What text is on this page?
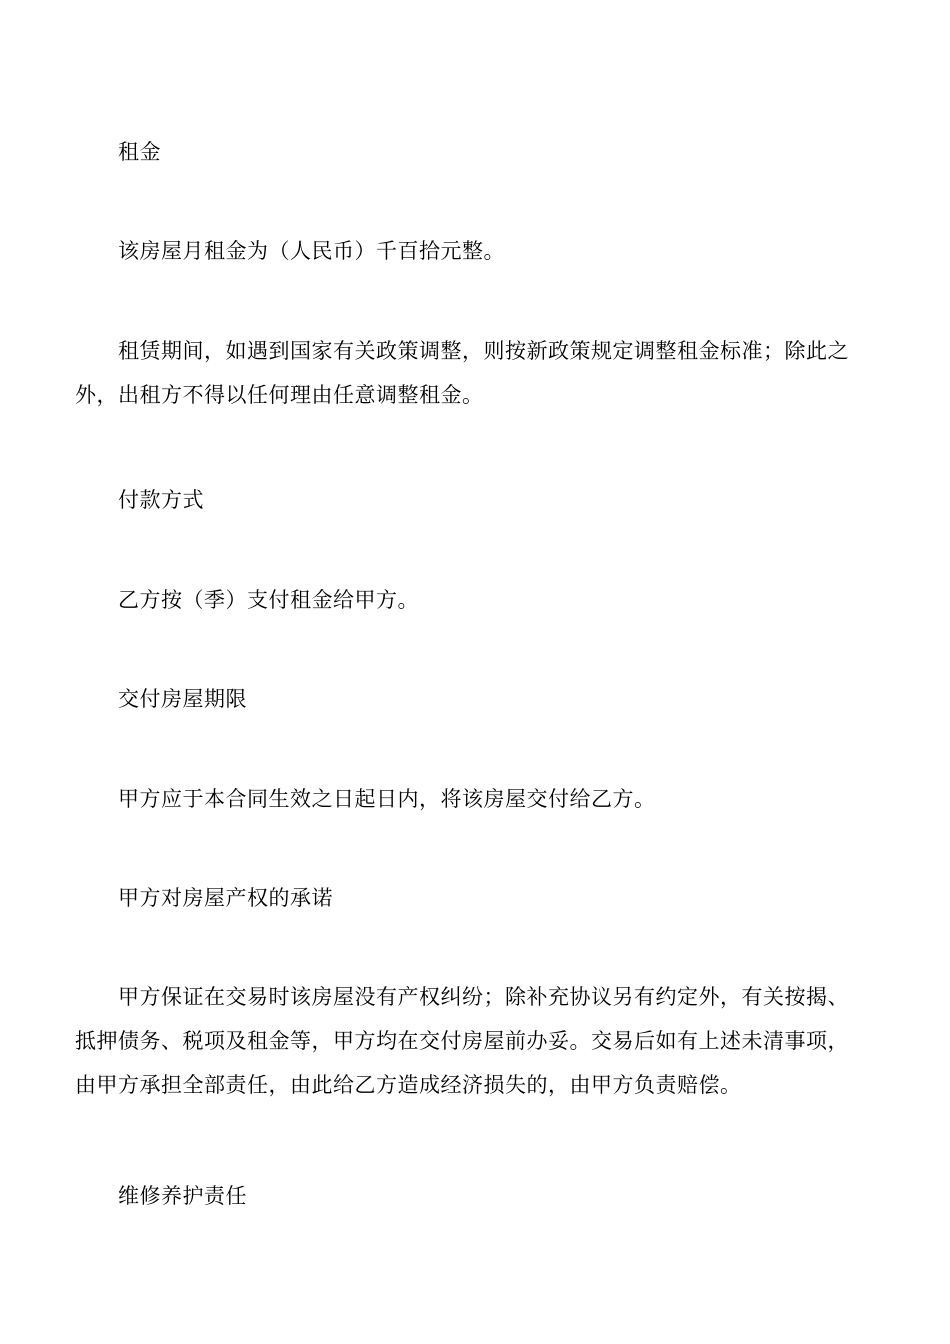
租金

该房屋月租金为（人民币）千百拾元整。

租赁期间，如遇到国家有关政策调整，则按新政策规定调整租金标准；除此之
外，出租方不得以任何理由任意调整租金。

付款方式

乙方按（季）支付租金给甲方。

交付房屋期限

甲方应于本合同生效之日起日内，将该房屋交付给乙方。

甲方对房屋产权的承诺

甲方保证在交易时该房屋没有产权纠纷；除补充协议另有约定外，有关按揭、
抵押债务、税项及租金等，甲方均在交付房屋前办妥。交易后如有上述未清事项，
由甲方承担全部责任，由此给乙方造成经济损失的，由甲方负责赔偿。

维修养护责任
